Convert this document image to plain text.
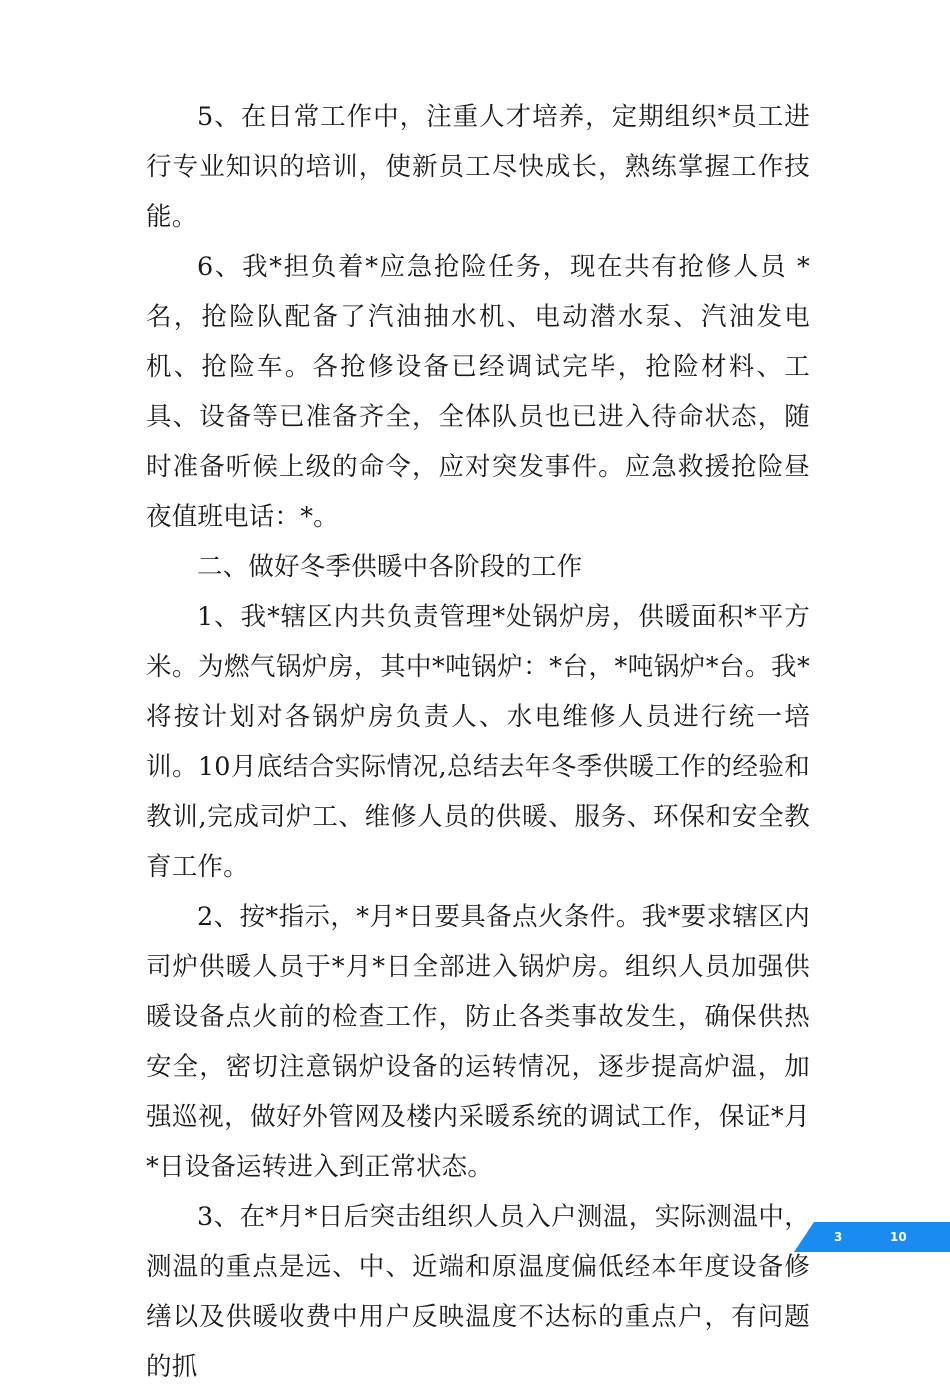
5、在日常工作中，注重人才培养，定期组织*员工进行专业知识的培训，使新员工尽快成长，熟练掌握工作技能。

6、我*担负着*应急抢险任务，现在共有抢修人员 *名，抢险队配备了汽油抽水机、电动潜水泵、汽油发电机、抢险车。各抢修设备已经调试完毕，抢险材料、工具、设备等已准备齐全，全体队员也已进入待命状态，随时准备听候上级的命令，应对突发事件。应急救援抢险昼夜值班电话：*。

二、做好冬季供暖中各阶段的工作

1、我*辖区内共负责管理*处锅炉房，供暖面积*平方米。为燃气锅炉房，其中*吨锅炉：*台，*吨锅炉*台。我*将按计划对各锅炉房负责人、水电维修人员进行统一培训。10月底结合实际情况,总结去年冬季供暖工作的经验和教训,完成司炉工、维修人员的供暖、服务、环保和安全教育工作。

2、按*指示，*月*日要具备点火条件。我*要求辖区内司炉供暖人员于*月*日全部进入锅炉房。组织人员加强供暖设备点火前的检查工作，防止各类事故发生，确保供热安全，密切注意锅炉设备的运转情况，逐步提高炉温，加强巡视，做好外管网及楼内采暖系统的调试工作，保证*月*日设备运转进入到正常状态。

3、在*月*日后突击组织人员入户测温，实际测温中，测温的重点是远、中、近端和原温度偏低经本年度设备修缮以及供暖收费中用户反映温度不达标的重点户，有问题的抓

3	10
